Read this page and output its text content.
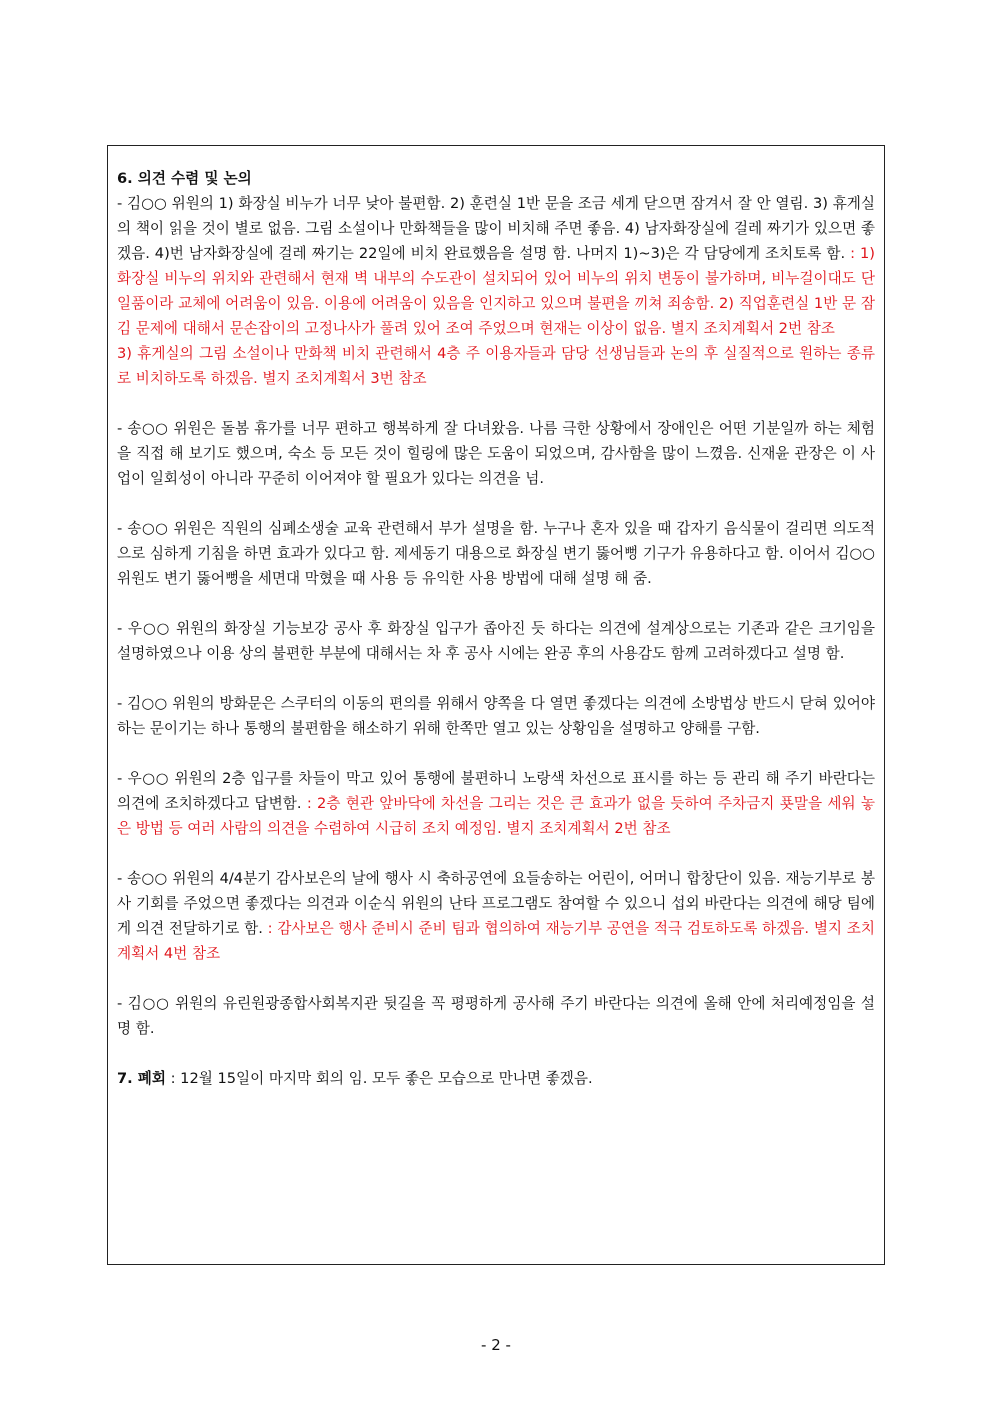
6. 의견 수렴 및 논의

- 김○○ 위원의 1) 화장실 비누가 너무 낮아 불편함. 2) 훈련실 1반 문을 조금 세게 닫으면 잠겨서 잘 안 열림. 3) 휴게실의 책이 읽을 것이 별로 없음. 그림 소설이나 만화책들을 많이 비치해 주면 좋음. 4) 남자화장실에 걸레 짜기가 있으면 좋겠음. 4)번 남자화장실에 걸레 짜기는 22일에 비치 완료했음을 설명 함. 나머지 1)~3)은 각 담당에게 조치토록 함. : 1) 화장실 비누의 위치와 관련해서 현재 벽 내부의 수도관이 설치되어 있어 비누의 위치 변동이 불가하며, 비누걸이대도 단일품이라 교체에 어려움이 있음. 이용에 어려움이 있음을 인지하고 있으며 불편을 끼쳐 죄송함. 2) 직업훈련실 1반 문 잠김 문제에 대해서 문손잡이의 고정나사가 풀려 있어 조여 주었으며 현재는 이상이 없음. 별지 조치계획서 2번 참조

3) 휴게실의 그림 소설이나 만화책 비치 관련해서 4층 주 이용자들과 담당 선생님들과 논의 후 실질적으로 원하는 종류로 비치하도록 하겠음. 별지 조치계획서 3번 참조

- 송○○ 위원은 돌봄 휴가를 너무 편하고 행복하게 잘 다녀왔음. 나름 극한 상황에서 장애인은 어떤 기분일까 하는 체험을 직접 해 보기도 했으며, 숙소 등 모든 것이 힐링에 많은 도움이 되었으며, 감사함을 많이 느꼈음. 신재윤 관장은 이 사업이 일회성이 아니라 꾸준히 이어져야 할 필요가 있다는 의견을 넘.

- 송○○ 위원은 직원의 심폐소생술 교육 관련해서 부가 설명을 함. 누구나 혼자 있을 때 갑자기 음식물이 걸리면 의도적으로 심하게 기침을 하면 효과가 있다고 함. 제세동기 대용으로 화장실 변기 뚫어뻥 기구가 유용하다고 함. 이어서 김○○ 위원도 변기 뚫어뻥을 세면대 막혔을 때 사용 등 유익한 사용 방법에 대해 설명 해 줌.

- 우○○ 위원의 화장실 기능보강 공사 후 화장실 입구가 좁아진 듯 하다는 의견에 설계상으로는 기존과 같은 크기임을 설명하였으나 이용 상의 불편한 부분에 대해서는 차 후 공사 시에는 완공 후의 사용감도 함께 고려하겠다고 설명 함.

- 김○○ 위원의 방화문은 스쿠터의 이동의 편의를 위해서 양쪽을 다 열면 좋겠다는 의견에 소방법상 반드시 닫혀 있어야 하는 문이기는 하나 통행의 불편함을 해소하기 위해 한쪽만 열고 있는 상황임을 설명하고 양해를 구함.

- 우○○ 위원의 2층 입구를 차들이 막고 있어 통행에 불편하니 노랑색 차선으로 표시를 하는 등 관리 해 주기 바란다는 의견에 조치하겠다고 답변함. : 2층 현관 앞바닥에 차선을 그리는 것은 큰 효과가 없을 듯하여 주차금지 푯말을 세워 놓은 방법 등 여러 사람의 의견을 수렴하여 시급히 조치 예정임. 별지 조치계획서 2번 참조

- 송○○ 위원의 4/4분기 감사보은의 날에 행사 시 축하공연에 요들송하는 어린이, 어머니 합창단이 있음. 재능기부로 봉사 기회를 주었으면 좋겠다는 의견과 이순식 위원의 난타 프로그램도 참여할 수 있으니 섭외 바란다는 의견에 해당 팀에게 의견 전달하기로 함. : 감사보은 행사 준비시 준비 팀과 협의하여 재능기부 공연을 적극 검토하도록 하겠음. 별지 조치계획서 4번 참조

- 김○○ 위원의 유린원광종합사회복지관 뒷길을 꼭 평평하게 공사해 주기 바란다는 의견에 올해 안에 처리예정임을 설명 함.

7. 폐회 : 12월 15일이 마지막 회의 임. 모두 좋은 모습으로 만나면 좋겠음.

- 2 -
